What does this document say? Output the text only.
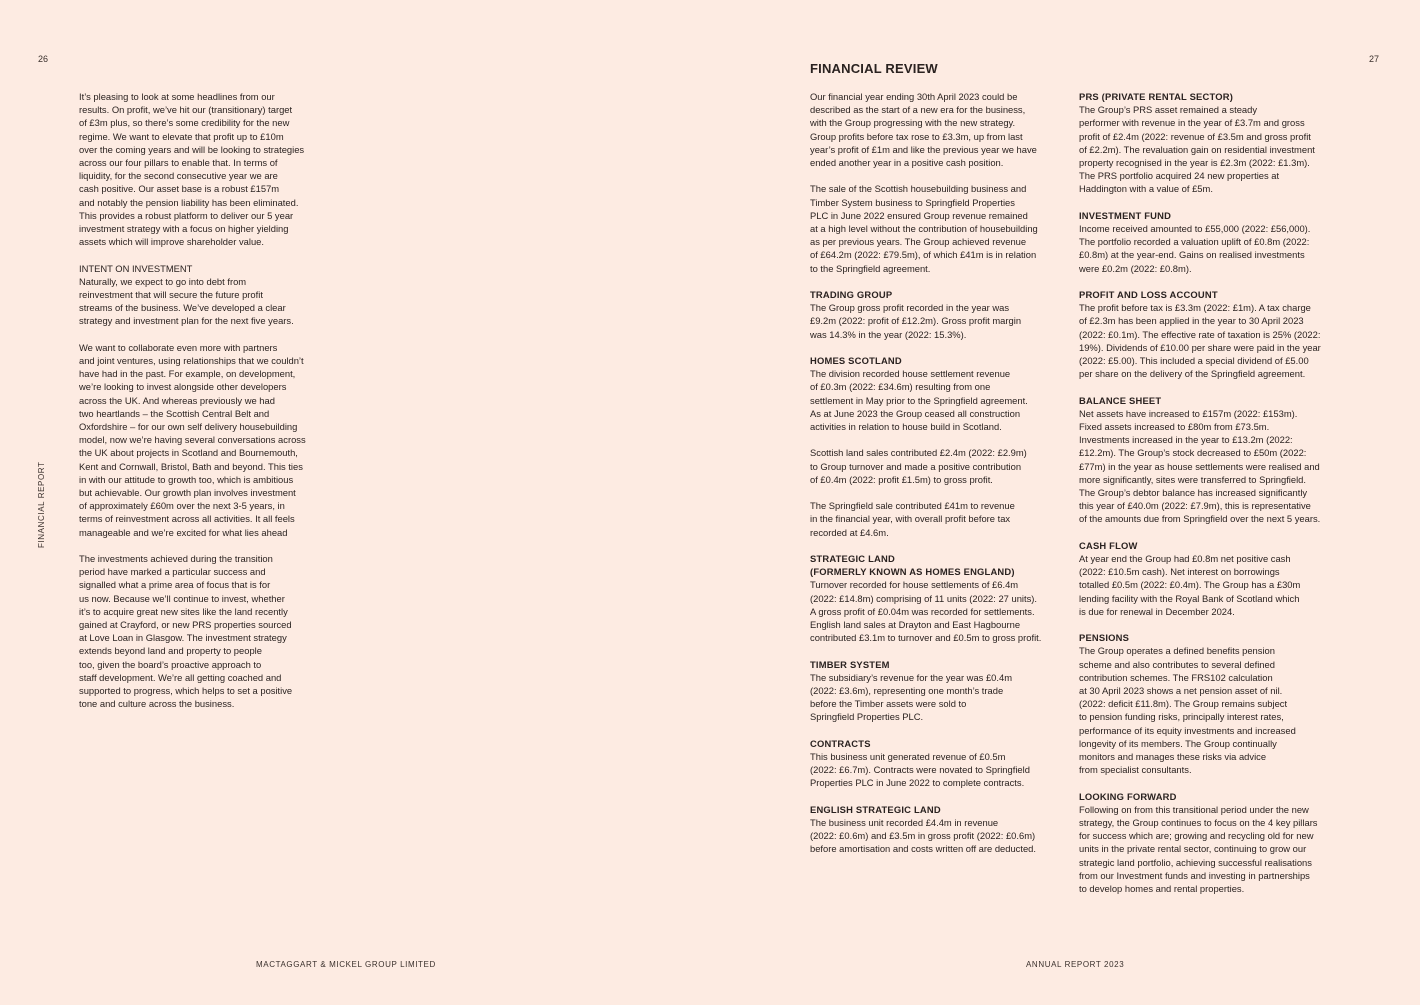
26	27
FINANCIAL REPORT

It’s pleasing to look at some headlines from our
results. On profit, we’ve hit our (transitionary) target
of £3m plus, so there’s some credibility for the new
regime. We want to elevate that profit up to £10m
over the coming years and will be looking to strategies
across our four pillars to enable that. In terms of
liquidity, for the second consecutive year we are
cash positive. Our asset base is a robust £157m
and notably the pension liability has been eliminated.
This provides a robust platform to deliver our 5 year
investment strategy with a focus on higher yielding
assets which will improve shareholder value.

INTENT ON INVESTMENT

Naturally, we expect to go into debt from
reinvestment that will secure the future profit
streams of the business. We’ve developed a clear
strategy and investment plan for the next five years.

We want to collaborate even more with partners
and joint ventures, using relationships that we couldn’t
have had in the past. For example, on development,
we’re looking to invest alongside other developers
across the UK. And whereas previously we had
two heartlands – the Scottish Central Belt and
Oxfordshire – for our own self delivery housebuilding
model, now we’re having several conversations across
the UK about projects in Scotland and Bournemouth,
Kent and Cornwall, Bristol, Bath and beyond. This ties
in with our attitude to growth too, which is ambitious
but achievable. Our growth plan involves investment
of approximately £60m over the next 3-5 years, in
terms of reinvestment across all activities. It all feels
manageable and we’re excited for what lies ahead

The investments achieved during the transition
period have marked a particular success and
signalled what a prime area of focus that is for
us now. Because we’ll continue to invest, whether
it’s to acquire great new sites like the land recently
gained at Crayford, or new PRS properties sourced
at Love Loan in Glasgow. The investment strategy
extends beyond land and property to people
too, given the board’s proactive approach to
staff development. We’re all getting coached and
supported to progress, which helps to set a positive
tone and culture across the business.

FINANCIAL REVIEW

Our financial year ending 30th April 2023 could be
described as the start of a new era for the business,
with the Group progressing with the new strategy.
Group profits before tax rose to £3.3m, up from last
year’s profit of £1m and like the previous year we have
ended another year in a positive cash position.

The sale of the Scottish housebuilding business and
Timber System business to Springfield Properties
PLC in June 2022 ensured Group revenue remained
at a high level without the contribution of housebuilding
as per previous years. The Group achieved revenue
of £64.2m (2022: £79.5m), of which £41m is in relation
to the Springfield agreement.

TRADING GROUP

The Group gross profit recorded in the year was
£9.2m (2022: profit of £12.2m). Gross profit margin
was 14.3% in the year (2022: 15.3%).

HOMES SCOTLAND

The division recorded house settlement revenue
of £0.3m (2022: £34.6m) resulting from one
settlement in May prior to the Springfield agreement.
As at June 2023 the Group ceased all construction
activities in relation to house build in Scotland.

Scottish land sales contributed £2.4m (2022: £2.9m)
to Group turnover and made a positive contribution
of £0.4m (2022: profit £1.5m) to gross profit.

The Springfield sale contributed £41m to revenue
in the financial year, with overall profit before tax
recorded at £4.6m.

STRATEGIC LAND
(FORMERLY KNOWN AS HOMES ENGLAND)

Turnover recorded for house settlements of £6.4m
(2022: £14.8m) comprising of 11 units (2022: 27 units).
A gross profit of £0.04m was recorded for settlements.
English land sales at Drayton and East Hagbourne
contributed £3.1m to turnover and £0.5m to gross profit.

TIMBER SYSTEM

The subsidiary’s revenue for the year was £0.4m
(2022: £3.6m), representing one month’s trade
before the Timber assets were sold to
Springfield Properties PLC.

CONTRACTS

This business unit generated revenue of £0.5m
(2022: £6.7m). Contracts were novated to Springfield
Properties PLC in June 2022 to complete contracts.

ENGLISH STRATEGIC LAND

The business unit recorded £4.4m in revenue
(2022: £0.6m) and £3.5m in gross profit (2022: £0.6m)
before amortisation and costs written off are deducted.

PRS (PRIVATE RENTAL SECTOR)

The Group’s PRS asset remained a steady
performer with revenue in the year of £3.7m and gross
profit of £2.4m (2022: revenue of £3.5m and gross profit
of £2.2m). The revaluation gain on residential investment
property recognised in the year is £2.3m (2022: £1.3m).
The PRS portfolio acquired 24 new properties at
Haddington with a value of £5m.

INVESTMENT FUND

Income received amounted to £55,000 (2022: £56,000).
The portfolio recorded a valuation uplift of £0.8m (2022:
£0.8m) at the year-end. Gains on realised investments
were £0.2m (2022: £0.8m).

PROFIT AND LOSS ACCOUNT

The profit before tax is £3.3m (2022: £1m). A tax charge
of £2.3m has been applied in the year to 30 April 2023
(2022: £0.1m). The effective rate of taxation is 25% (2022:
19%). Dividends of £10.00 per share were paid in the year
(2022: £5.00). This included a special dividend of £5.00
per share on the delivery of the Springfield agreement.

BALANCE SHEET

Net assets have increased to £157m (2022: £153m).
Fixed assets increased to £80m from £73.5m.
Investments increased in the year to £13.2m (2022:
£12.2m). The Group’s stock decreased to £50m (2022:
£77m) in the year as house settlements were realised and
more significantly, sites were transferred to Springfield.
The Group’s debtor balance has increased significantly
this year of £40.0m (2022: £7.9m), this is representative
of the amounts due from Springfield over the next 5 years.

CASH FLOW

At year end the Group had £0.8m net positive cash
(2022: £10.5m cash). Net interest on borrowings
totalled £0.5m (2022: £0.4m). The Group has a £30m
lending facility with the Royal Bank of Scotland which
is due for renewal in December 2024.

PENSIONS

The Group operates a defined benefits pension
scheme and also contributes to several defined
contribution schemes. The FRS102 calculation
at 30 April 2023 shows a net pension asset of nil.
(2022: deficit £11.8m). The Group remains subject
to pension funding risks, principally interest rates,
performance of its equity investments and increased
longevity of its members. The Group continually
monitors and manages these risks via advice
from specialist consultants.

LOOKING FORWARD

Following on from this transitional period under the new
strategy, the Group continues to focus on the 4 key pillars
for success which are; growing and recycling old for new
units in the private rental sector, continuing to grow our
strategic land portfolio, achieving successful realisations
from our Investment funds and investing in partnerships
to develop homes and rental properties.

MACTAGGART & MICKEL GROUP LIMITED	ANNUAL REPORT 2023
